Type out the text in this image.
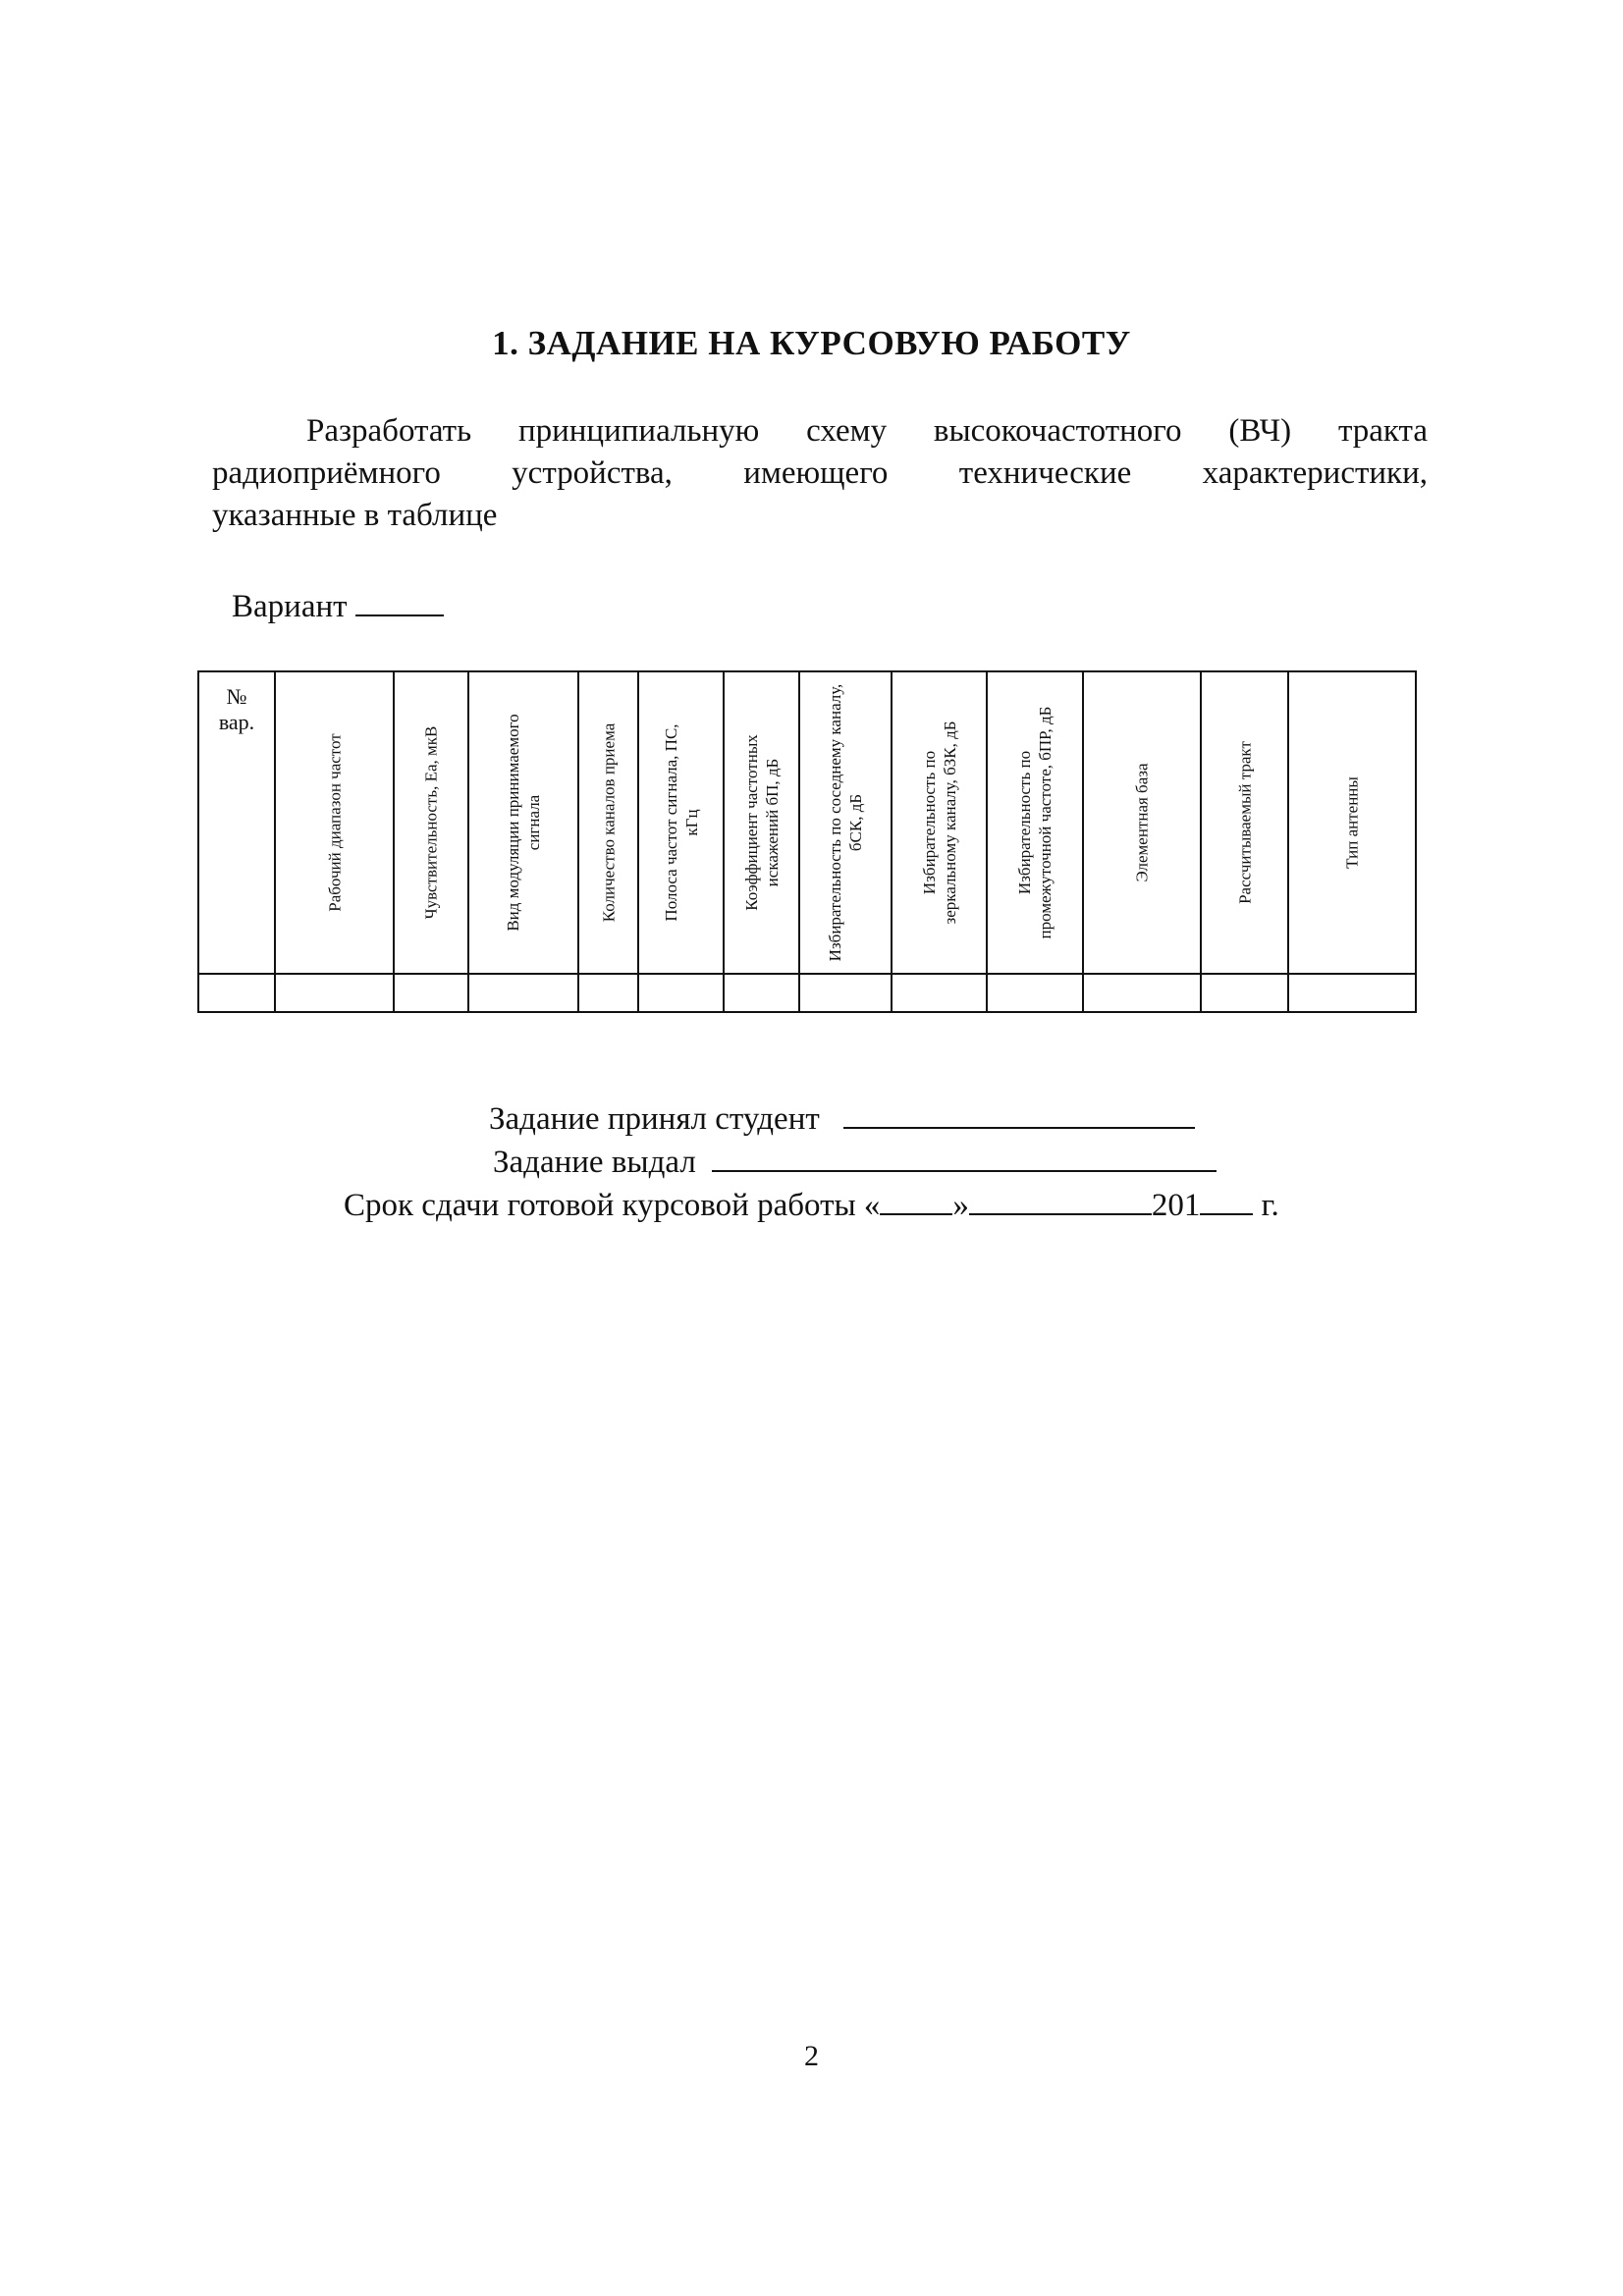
1. ЗАДАНИЕ НА КУРСОВУЮ РАБОТУ
Разработать принципиальную схему высокочастотного (ВЧ) тракта
радиоприёмного устройства, имеющего технические характеристики,
указанные в таблице
Вариант
№
вар.	Рабочий диапазон частот	Чувствительность, Eа, мкВ	Вид модуляции принимаемого сигнала	Количество каналов приема	Полоса частот сигнала, ПС, кГц	Коэффициент частотных искажений бП, дБ	Избирательность по соседнему каналу, бСК, дБ	Избирательность по зеркальному каналу, бЗК, дБ	Избирательность по промежуточной частоте, бПР, дБ	Элементная база	Рассчитываемый тракт	Тип антенны

Задание принял студент
Задание выдал
Срок сдачи готовой курсовой работы « »	201 г.
2
